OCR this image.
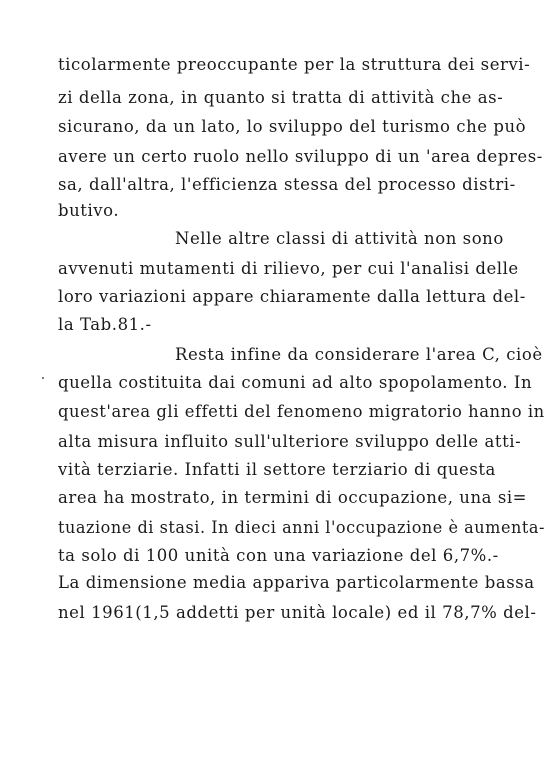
ticolarmente preoccupante per la struttura dei servi-
zi della zona, in quanto si tratta di attività che as-
sicurano, da un lato, lo sviluppo del turismo che può
avere un certo ruolo nello sviluppo di un 'area depres-
sa, dall'altra, l'efficienza stessa del processo distri-
butivo.
Nelle altre classi di attività non sono
avvenuti mutamenti di rilievo, per cui l'analisi delle
loro variazioni appare chiaramente dalla lettura del-
la Tab.81.-
Resta infine da considerare l'area C, cioè
quella costituita dai comuni ad alto spopolamento. In
quest'area gli effetti del fenomeno migratorio hanno in
alta misura influito sull'ulteriore sviluppo delle atti-
vità terziarie. Infatti il settore terziario di questa
area ha mostrato, in termini di occupazione, una si=
tuazione di stasi. In dieci anni l'occupazione è aumenta-
ta solo di 100 unità con una variazione del 6,7%.-
La dimensione media appariva particolarmente bassa
nel 1961(1,5 addetti per unità locale) ed il 78,7% del-
